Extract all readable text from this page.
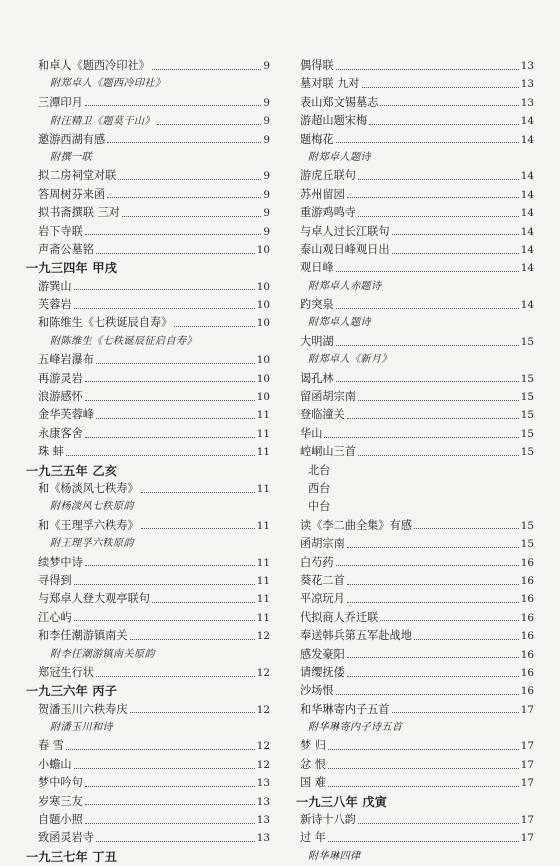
和卓人《题西冷印社》	9
附郑卓人《题西冷印社》
三潭印月	9
附汪精卫《题莫干山》	9
邀游西湖有感	9
附撰一联
拟二房祠堂对联	9
答周树芬来函	9
拟书斋撰联 三对	9
岩下寺联	9
声斋公墓铭	10
一九三四年 甲戌
游巽山	10
芙蓉岩	10
和陈维生《七秩诞辰自寿》	10
附陈维生《七秩诞辰征启自寿》
五峰岩瀑布	10
再游灵岩	10
浪游感怀	10
金华芙蓉峰	11
永康客舍	11
珠 蚌	11
一九三五年 乙亥
和《杨淡风七秩寿》	11
附杨淡风七秩原韵
和《王理孚六秩寿》	11
附王理孚六秩原韵
续梦中诗	11
寻得到	11
与郑卓人登大观亭联句	11
江心屿	11
和李任潮游镇南关	12
附李任潮游镇南关原韵
郑冠生行状	12
一九三六年 丙子
贺潘玉川六秩寿庆	12
附潘玉川和诗
春 雪	12
小蟾山	12
梦中吟句	13
岁寒三友	13
自题小照	13
致函灵岩寺	13
一九三七年 丁丑
偶得联	13
墓对联 九对	13
表山郑文锡墓志	13
游超山题宋梅	14
题梅花	14
附郑卓人题诗
游虎丘联句	14
苏州留园	14
重游鸡鸣寺	14
与卓人过长江联句	14
泰山观日峰观日出	14
观日峰	14
附郑卓人赤题诗
趵突泉	14
附郑卓人题诗
大明湖	15
附郑卓人《新月》
谒孔林	15
留函胡宗南	15
登临潼关	15
华山	15
崆峒山三首	15
北台
西台
中台
读《李二曲全集》有感	15
函胡宗南	15
白芍药	16
葵花二首	16
平凉玩月	16
代拟商人乔迁联	16
奉送韩兵第五军赴战地	16
感发豪阳	16
请缨抚倭	16
沙场恨	16
和华琳寄内子五首	17
附华琳寄内子诗五首
梦 归	17
忿 恨	17
国 难	17
一九三八年 戊寅
新诗十八韵	17
过 年	17
附华琳四律
